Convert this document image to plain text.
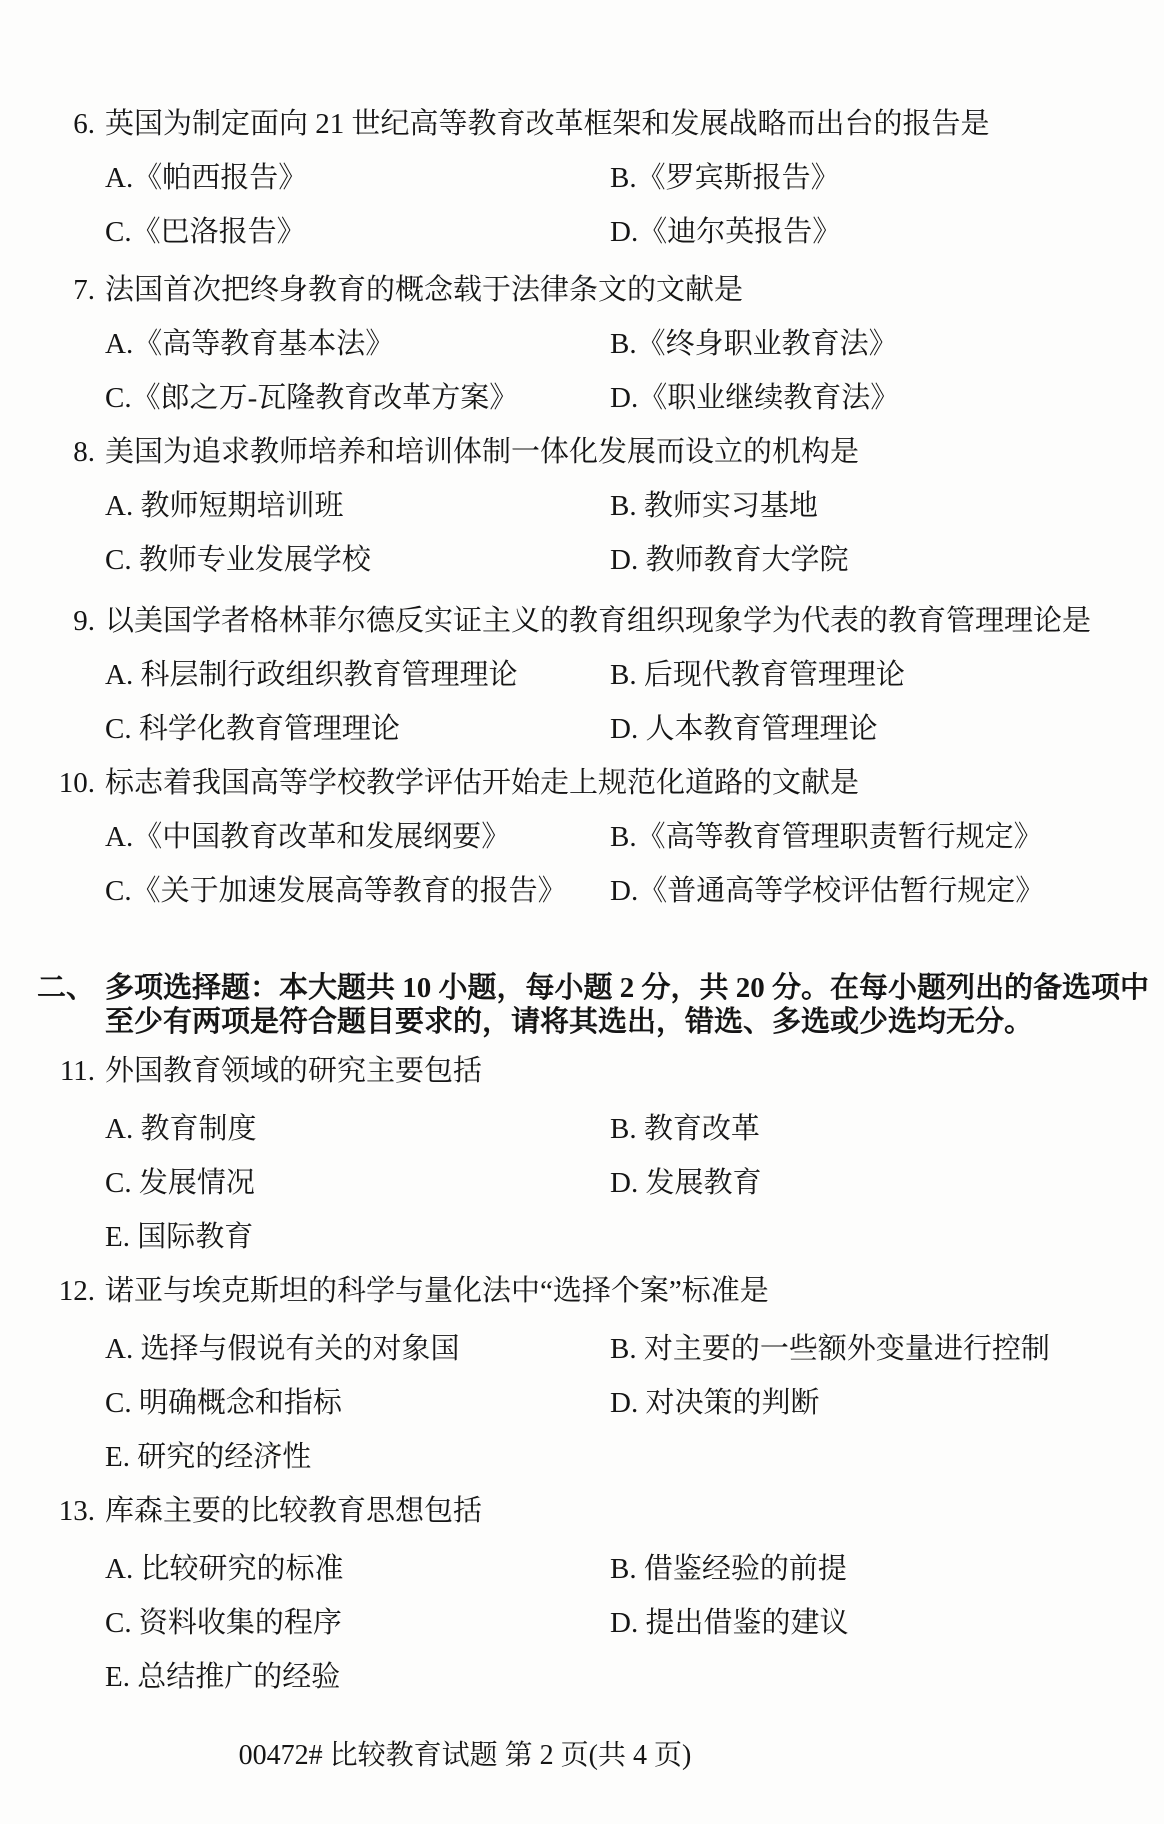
6. 英国为制定面向 21 世纪高等教育改革框架和发展战略而出台的报告是
A.《帕西报告》	B.《罗宾斯报告》
C.《巴洛报告》	D.《迪尔英报告》
7. 法国首次把终身教育的概念载于法律条文的文献是
A.《高等教育基本法》	B.《终身职业教育法》
C.《郎之万-瓦隆教育改革方案》	D.《职业继续教育法》
8. 美国为追求教师培养和培训体制一体化发展而设立的机构是
A. 教师短期培训班	B. 教师实习基地
C. 教师专业发展学校	D. 教师教育大学院
9. 以美国学者格林菲尔德反实证主义的教育组织现象学为代表的教育管理理论是
A. 科层制行政组织教育管理理论	B. 后现代教育管理理论
C. 科学化教育管理理论	D. 人本教育管理理论
10. 标志着我国高等学校教学评估开始走上规范化道路的文献是
A.《中国教育改革和发展纲要》	B.《高等教育管理职责暂行规定》
C.《关于加速发展高等教育的报告》 D.《普通高等学校评估暂行规定》
二、 多项选择题：本大题共 10 小题，每小题 2 分，共 20 分。在每小题列出的备选项中
至少有两项是符合题目要求的，请将其选出，错选、多选或少选均无分。
11. 外国教育领域的研究主要包括
A. 教育制度	B. 教育改革
C. 发展情况	D. 发展教育
E. 国际教育
12. 诺亚与埃克斯坦的科学与量化法中“选择个案”标准是
A. 选择与假说有关的对象国	B. 对主要的一些额外变量进行控制
C. 明确概念和指标	D. 对决策的判断
E. 研究的经济性
13. 库森主要的比较教育思想包括
A. 比较研究的标准	B. 借鉴经验的前提
C. 资料收集的程序	D. 提出借鉴的建议
E. 总结推广的经验
00472# 比较教育试题 第 2 页(共 4 页)
